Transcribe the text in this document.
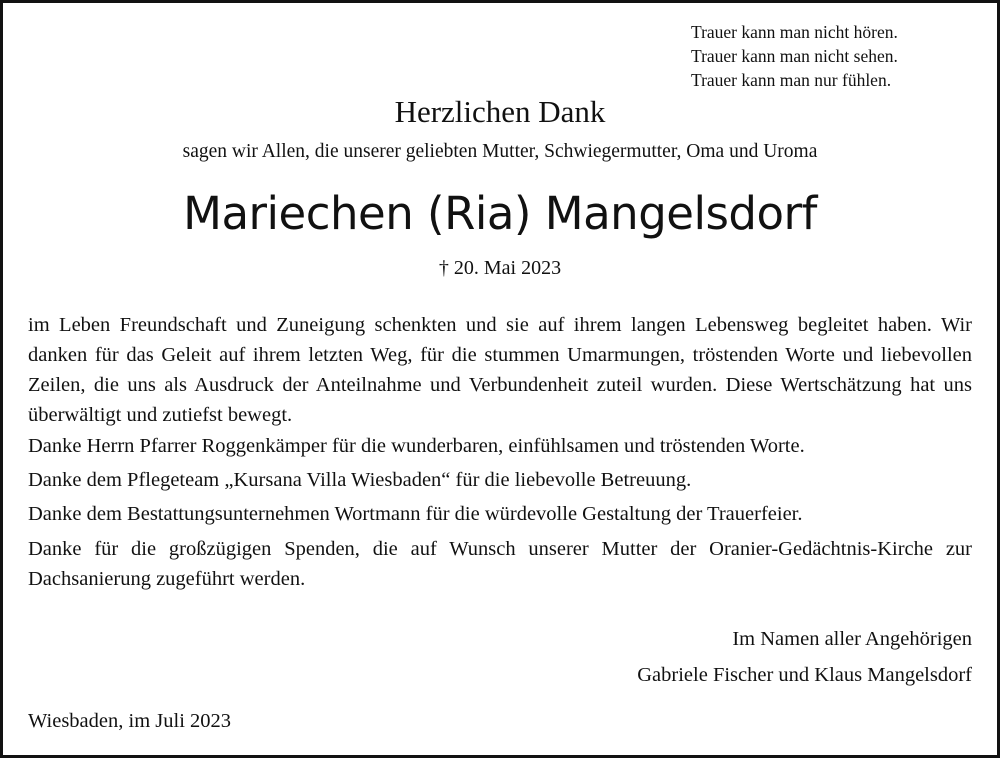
Trauer kann man nicht hören.
Trauer kann man nicht sehen.
Trauer kann man nur fühlen.
Herzlichen Dank
sagen wir Allen, die unserer geliebten Mutter, Schwiegermutter, Oma und Uroma
Mariechen (Ria) Mangelsdorf
† 20. Mai 2023
im Leben Freundschaft und Zuneigung schenkten und sie auf ihrem langen Lebensweg begleitet haben. Wir danken für das Geleit auf ihrem letzten Weg, für die stummen Umarmungen, tröstenden Worte und liebevollen Zeilen, die uns als Ausdruck der Anteilnahme und Verbundenheit zuteil wurden. Diese Wertschätzung hat uns überwältigt und zutiefst bewegt.
Danke Herrn Pfarrer Roggenkämper für die wunderbaren, einfühlsamen und tröstenden Worte.
Danke dem Pflegeteam „Kursana Villa Wiesbaden“ für die liebevolle Betreuung.
Danke dem Bestattungsunternehmen Wortmann für die würdevolle Gestaltung der Trauerfeier.
Danke für die großzügigen Spenden, die auf Wunsch unserer Mutter der Oranier-Gedächtnis-Kirche zur Dachsanierung zugeführt werden.
Im Namen aller Angehörigen
Gabriele Fischer und Klaus Mangelsdorf
Wiesbaden, im Juli 2023
